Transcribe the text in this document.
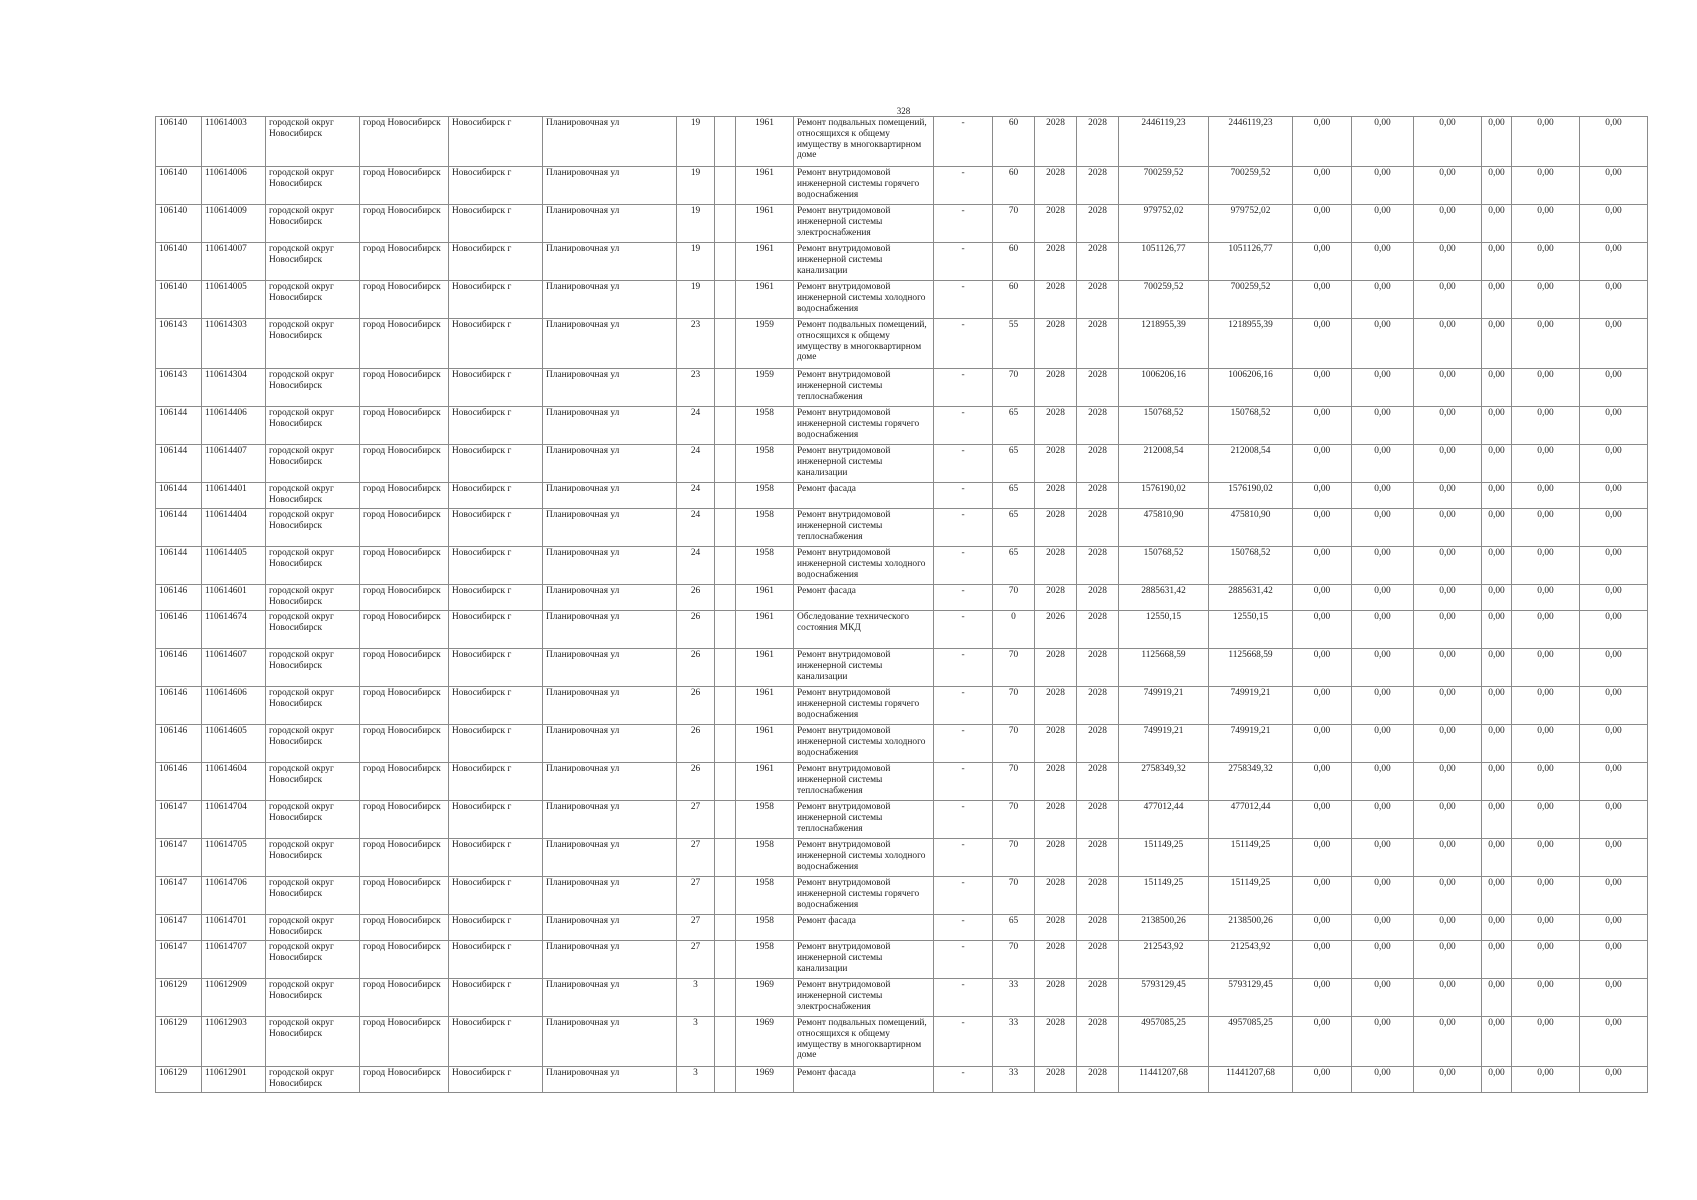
328
106140	110614003	городской округ Новосибирск	город Новосибирск	Новосибирск г	Планировочная ул	19		1961	Ремонт подвальных помещений, относящихся к общему имуществу в многоквартирном доме	-	60	2028	2028	2446119,23	2446119,23	0,00	0,00	0,00	0,00	0,00	0,00
106140	110614006	городской округ Новосибирск	город Новосибирск	Новосибирск г	Планировочная ул	19		1961	Ремонт внутридомовой инженерной системы горячего водоснабжения	-	60	2028	2028	700259,52	700259,52	0,00	0,00	0,00	0,00	0,00	0,00
106140	110614009	городской округ Новосибирск	город Новосибирск	Новосибирск г	Планировочная ул	19		1961	Ремонт внутридомовой инженерной системы электроснабжения	-	70	2028	2028	979752,02	979752,02	0,00	0,00	0,00	0,00	0,00	0,00
106140	110614007	городской округ Новосибирск	город Новосибирск	Новосибирск г	Планировочная ул	19		1961	Ремонт внутридомовой инженерной системы канализации	-	60	2028	2028	1051126,77	1051126,77	0,00	0,00	0,00	0,00	0,00	0,00
106140	110614005	городской округ Новосибирск	город Новосибирск	Новосибирск г	Планировочная ул	19		1961	Ремонт внутридомовой инженерной системы холодного водоснабжения	-	60	2028	2028	700259,52	700259,52	0,00	0,00	0,00	0,00	0,00	0,00
106143	110614303	городской округ Новосибирск	город Новосибирск	Новосибирск г	Планировочная ул	23		1959	Ремонт подвальных помещений, относящихся к общему имуществу в многоквартирном доме	-	55	2028	2028	1218955,39	1218955,39	0,00	0,00	0,00	0,00	0,00	0,00
106143	110614304	городской округ Новосибирск	город Новосибирск	Новосибирск г	Планировочная ул	23		1959	Ремонт внутридомовой инженерной системы теплоснабжения	-	70	2028	2028	1006206,16	1006206,16	0,00	0,00	0,00	0,00	0,00	0,00
106144	110614406	городской округ Новосибирск	город Новосибирск	Новосибирск г	Планировочная ул	24		1958	Ремонт внутридомовой инженерной системы горячего водоснабжения	-	65	2028	2028	150768,52	150768,52	0,00	0,00	0,00	0,00	0,00	0,00
106144	110614407	городской округ Новосибирск	город Новосибирск	Новосибирск г	Планировочная ул	24		1958	Ремонт внутридомовой инженерной системы канализации	-	65	2028	2028	212008,54	212008,54	0,00	0,00	0,00	0,00	0,00	0,00
106144	110614401	городской округ Новосибирск	город Новосибирск	Новосибирск г	Планировочная ул	24		1958	Ремонт фасада	-	65	2028	2028	1576190,02	1576190,02	0,00	0,00	0,00	0,00	0,00	0,00
106144	110614404	городской округ Новосибирск	город Новосибирск	Новосибирск г	Планировочная ул	24		1958	Ремонт внутридомовой инженерной системы теплоснабжения	-	65	2028	2028	475810,90	475810,90	0,00	0,00	0,00	0,00	0,00	0,00
106144	110614405	городской округ Новосибирск	город Новосибирск	Новосибирск г	Планировочная ул	24		1958	Ремонт внутридомовой инженерной системы холодного водоснабжения	-	65	2028	2028	150768,52	150768,52	0,00	0,00	0,00	0,00	0,00	0,00
106146	110614601	городской округ Новосибирск	город Новосибирск	Новосибирск г	Планировочная ул	26		1961	Ремонт фасада	-	70	2028	2028	2885631,42	2885631,42	0,00	0,00	0,00	0,00	0,00	0,00
106146	110614674	городской округ Новосибирск	город Новосибирск	Новосибирск г	Планировочная ул	26		1961	Обследование технического состояния МКД	-	0	2026	2028	12550,15	12550,15	0,00	0,00	0,00	0,00	0,00	0,00
106146	110614607	городской округ Новосибирск	город Новосибирск	Новосибирск г	Планировочная ул	26		1961	Ремонт внутридомовой инженерной системы канализации	-	70	2028	2028	1125668,59	1125668,59	0,00	0,00	0,00	0,00	0,00	0,00
106146	110614606	городской округ Новосибирск	город Новосибирск	Новосибирск г	Планировочная ул	26		1961	Ремонт внутридомовой инженерной системы горячего водоснабжения	-	70	2028	2028	749919,21	749919,21	0,00	0,00	0,00	0,00	0,00	0,00
106146	110614605	городской округ Новосибирск	город Новосибирск	Новосибирск г	Планировочная ул	26		1961	Ремонт внутридомовой инженерной системы холодного водоснабжения	-	70	2028	2028	749919,21	749919,21	0,00	0,00	0,00	0,00	0,00	0,00
106146	110614604	городской округ Новосибирск	город Новосибирск	Новосибирск г	Планировочная ул	26		1961	Ремонт внутридомовой инженерной системы теплоснабжения	-	70	2028	2028	2758349,32	2758349,32	0,00	0,00	0,00	0,00	0,00	0,00
106147	110614704	городской округ Новосибирск	город Новосибирск	Новосибирск г	Планировочная ул	27		1958	Ремонт внутридомовой инженерной системы теплоснабжения	-	70	2028	2028	477012,44	477012,44	0,00	0,00	0,00	0,00	0,00	0,00
106147	110614705	городской округ Новосибирск	город Новосибирск	Новосибирск г	Планировочная ул	27		1958	Ремонт внутридомовой инженерной системы холодного водоснабжения	-	70	2028	2028	151149,25	151149,25	0,00	0,00	0,00	0,00	0,00	0,00
106147	110614706	городской округ Новосибирск	город Новосибирск	Новосибирск г	Планировочная ул	27		1958	Ремонт внутридомовой инженерной системы горячего водоснабжения	-	70	2028	2028	151149,25	151149,25	0,00	0,00	0,00	0,00	0,00	0,00
106147	110614701	городской округ Новосибирск	город Новосибирск	Новосибирск г	Планировочная ул	27		1958	Ремонт фасада	-	65	2028	2028	2138500,26	2138500,26	0,00	0,00	0,00	0,00	0,00	0,00
106147	110614707	городской округ Новосибирск	город Новосибирск	Новосибирск г	Планировочная ул	27		1958	Ремонт внутридомовой инженерной системы канализации	-	70	2028	2028	212543,92	212543,92	0,00	0,00	0,00	0,00	0,00	0,00
106129	110612909	городской округ Новосибирск	город Новосибирск	Новосибирск г	Планировочная ул	3		1969	Ремонт внутридомовой инженерной системы электроснабжения	-	33	2028	2028	5793129,45	5793129,45	0,00	0,00	0,00	0,00	0,00	0,00
106129	110612903	городской округ Новосибирск	город Новосибирск	Новосибирск г	Планировочная ул	3		1969	Ремонт подвальных помещений, относящихся к общему имуществу в многоквартирном доме	-	33	2028	2028	4957085,25	4957085,25	0,00	0,00	0,00	0,00	0,00	0,00
106129	110612901	городской округ Новосибирск	город Новосибирск	Новосибирск г	Планировочная ул	3		1969	Ремонт фасада	-	33	2028	2028	11441207,68	11441207,68	0,00	0,00	0,00	0,00	0,00	0,00
